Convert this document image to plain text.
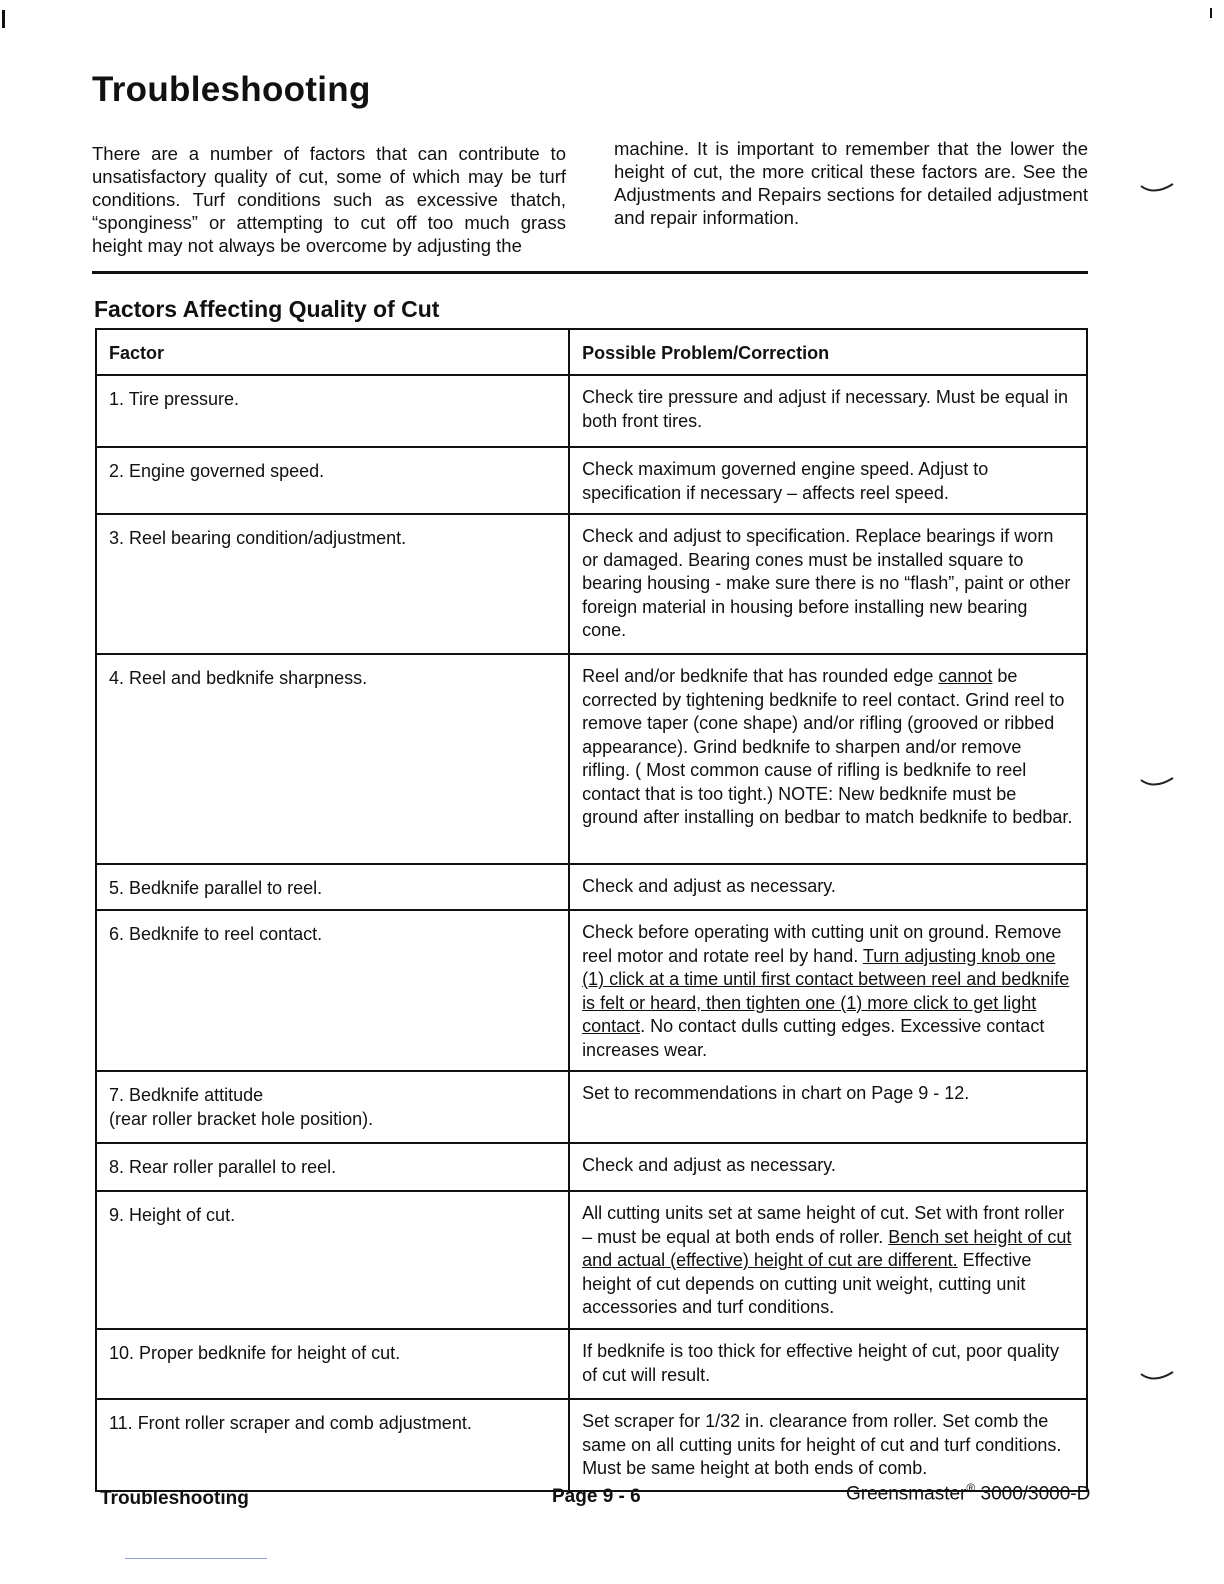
Troubleshooting

There are a number of factors that can contribute to unsatisfactory quality of cut, some of which may be turf conditions. Turf conditions such as excessive thatch, “sponginess” or attempting to cut off too much grass height may not always be overcome by adjusting the

machine. It is important to remember that the lower the height of cut, the more critical these factors are. See the Adjustments and Repairs sections for detailed adjustment and repair information.

Factors Affecting Quality of Cut
Factor	Possible Problem/Correction

1. Tire pressure.	Check tire pressure and adjust if necessary. Must be equal in both front tires.

2. Engine governed speed.	Check maximum governed engine speed. Adjust to specification if necessary – affects reel speed.

3. Reel bearing condition/adjustment.	Check and adjust to specification. Replace bearings if worn or damaged. Bearing cones must be installed square to bearing housing - make sure there is no “flash”, paint or other foreign material in housing before installing new bearing cone.

4. Reel and bedknife sharpness.	Reel and/or bedknife that has rounded edge cannot be corrected by tightening bedknife to reel contact. Grind reel to remove taper (cone shape) and/or rifling (grooved or ribbed appearance). Grind bedknife to sharpen and/or remove rifling. ( Most common cause of rifling is bedknife to reel contact that is too tight.) NOTE: New bedknife must be ground after installing on bedbar to match bedknife to bedbar.

5. Bedknife parallel to reel.	Check and adjust as necessary.

6. Bedknife to reel contact.	Check before operating with cutting unit on ground. Remove reel motor and rotate reel by hand. Turn adjusting knob one (1) click at a time until first contact between reel and bedknife is felt or heard, then tighten one (1) more click to get light contact. No contact dulls cutting edges. Excessive contact increases wear.

7. Bedknife attitude
(rear roller bracket hole position).	Set to recommendations in chart on Page 9 - 12.

8. Rear roller parallel to reel.	Check and adjust as necessary.

9. Height of cut.	All cutting units set at same height of cut. Set with front roller – must be equal at both ends of roller. Bench set height of cut and actual (effective) height of cut are different. Effective height of cut depends on cutting unit weight, cutting unit accessories and turf conditions.

10. Proper bedknife for height of cut.	If bedknife is too thick for effective height of cut, poor quality of cut will result.

11. Front roller scraper and comb adjustment.	Set scraper for 1/32 in. clearance from roller. Set comb the same on all cutting units for height of cut and turf conditions. Must be same height at both ends of comb.
Troubleshooting	Page 9 - 6	Greensmaster® 3000/3000-D
